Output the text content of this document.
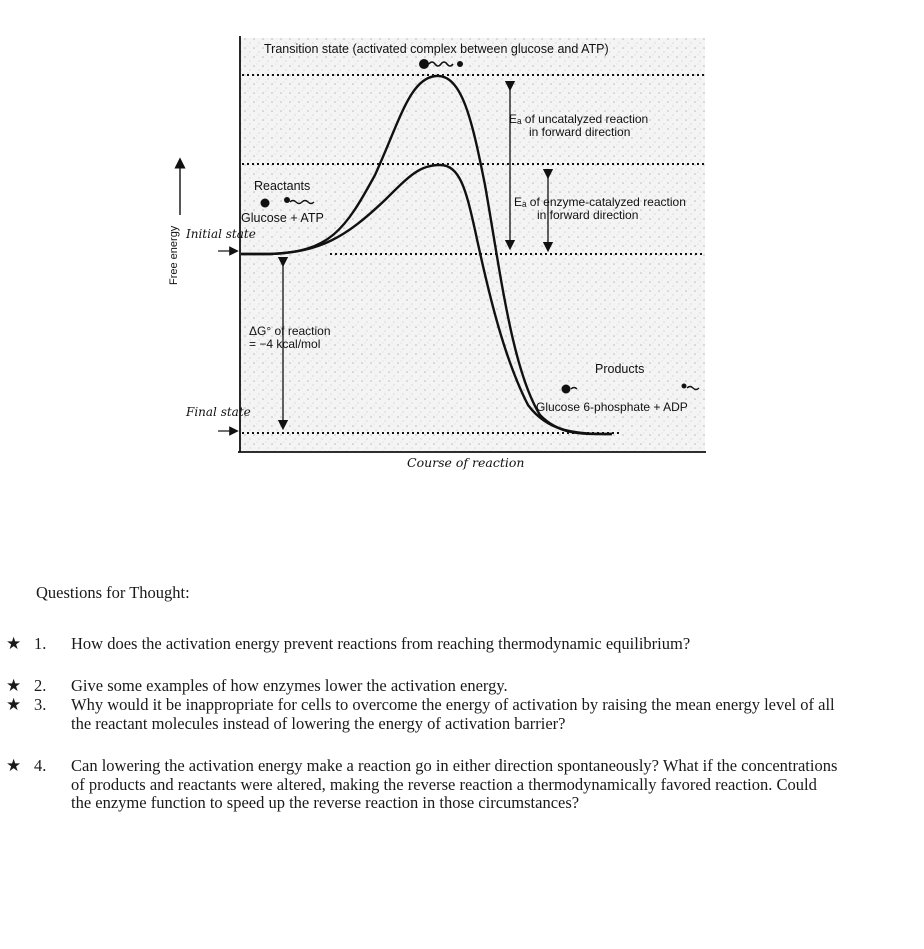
Transition state (activated complex between glucose and ATP)
Eₐ of uncatalyzed reaction
in forward direction
Eₐ of enzyme-catalyzed reaction
in forward direction
Reactants
Glucose + ATP
Free energy Initial state
Final state
ΔG° of reaction
= −4 kcal/mol
Products
Glucose 6-phosphate + ADP
Course of reaction
Questions for Thought:
★ 1. How does the activation energy prevent reactions from reaching thermodynamic equilibrium?
★ 2. Give some examples of how enzymes lower the activation energy.
★ 3. Why would it be inappropriate for cells to overcome the energy of activation by raising the mean energy level of all the reactant molecules instead of lowering the energy of activation barrier?
★ 4. Can lowering the activation energy make a reaction go in either direction spontaneously? What if the concentrations of products and reactants were altered, making the reverse reaction a thermodynamically favored reaction. Could the enzyme function to speed up the reverse reaction in those circumstances?
